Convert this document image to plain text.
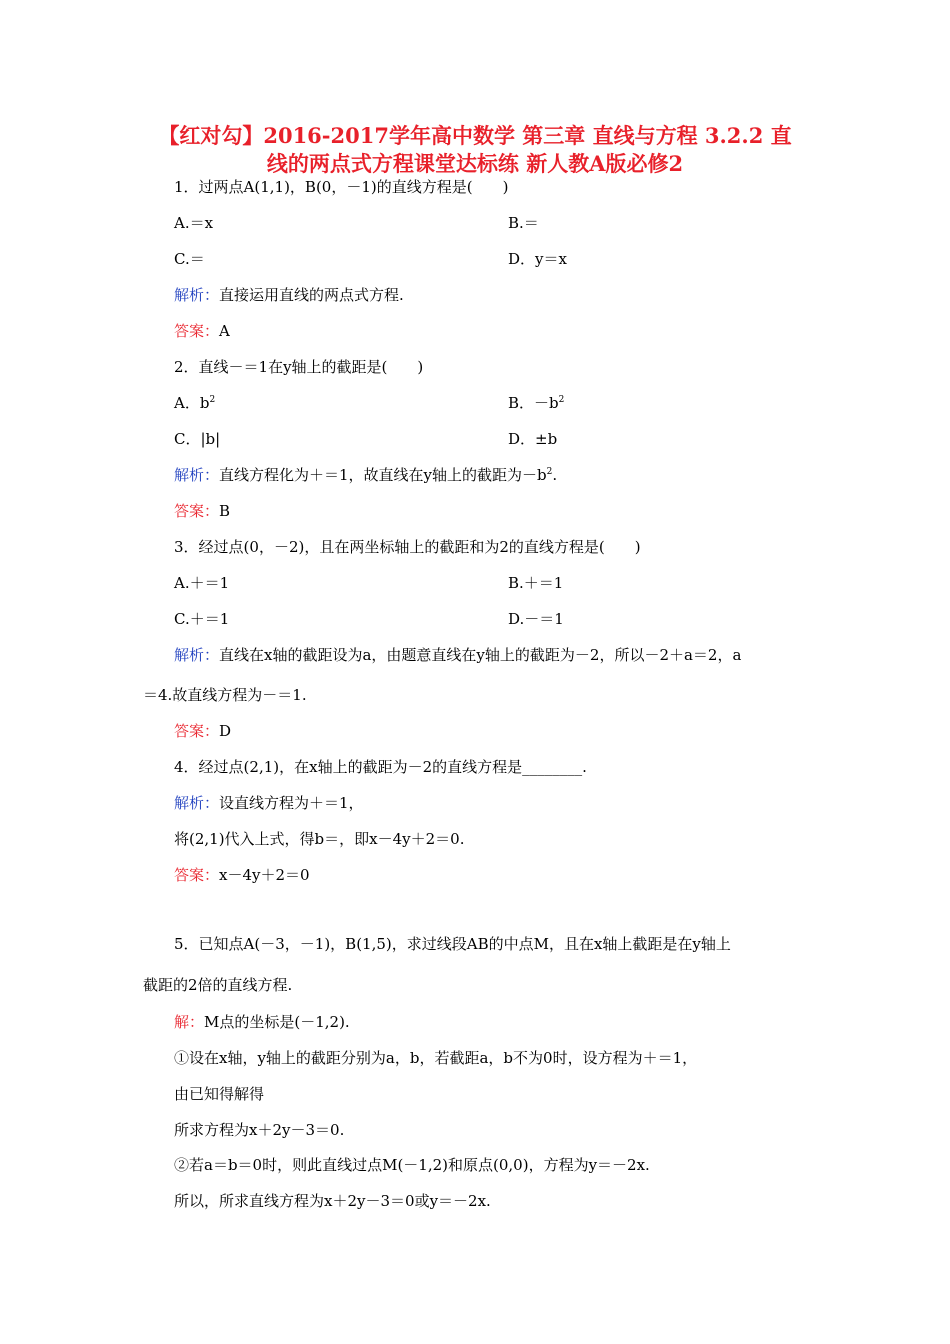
【红对勾】2016-2017学年高中数学 第三章 直线与方程 3.2.2 直
线的两点式方程课堂达标练 新人教A版必修2
1．过两点A(1,1)，B(0，－1)的直线方程是(　　)
A.＝x	B.＝
C.＝	D．y＝x
解析：直接运用直线的两点式方程.
答案：A
2．直线－＝1在y轴上的截距是(　　)
A．$b^2$	B．$-b^2$
C．|b|	D．±b
解析：直线方程化为＋＝1，故直线在y轴上的截距为$-b^2$.
答案：B
3．经过点(0，－2)，且在两坐标轴上的截距和为2的直线方程是(　　)
A.＋＝1	B.＋＝1
C.＋＝1	D.－＝1
解析：直线在x轴的截距设为a，由题意直线在y轴上的截距为－2，所以－2＋a＝2，a
＝4.故直线方程为－＝1.
答案：D
4．经过点(2,1)，在x轴上的截距为－2的直线方程是________.
解析：设直线方程为＋＝1，
将(2,1)代入上式，得b＝，即x－4y＋2＝0.
答案：x－4y＋2＝0
5．已知点A(－3，－1)，B(1,5)，求过线段AB的中点M，且在x轴上截距是在y轴上
截距的2倍的直线方程.
解：M点的坐标是(－1,2).
①设在x轴，y轴上的截距分别为a，b，若截距a，b不为0时，设方程为＋＝1，
由已知得解得
所求方程为x＋2y－3＝0.
②若a＝b＝0时，则此直线过点M(－1,2)和原点(0,0)，方程为y＝－2x.
所以，所求直线方程为x＋2y－3＝0或y＝－2x.
